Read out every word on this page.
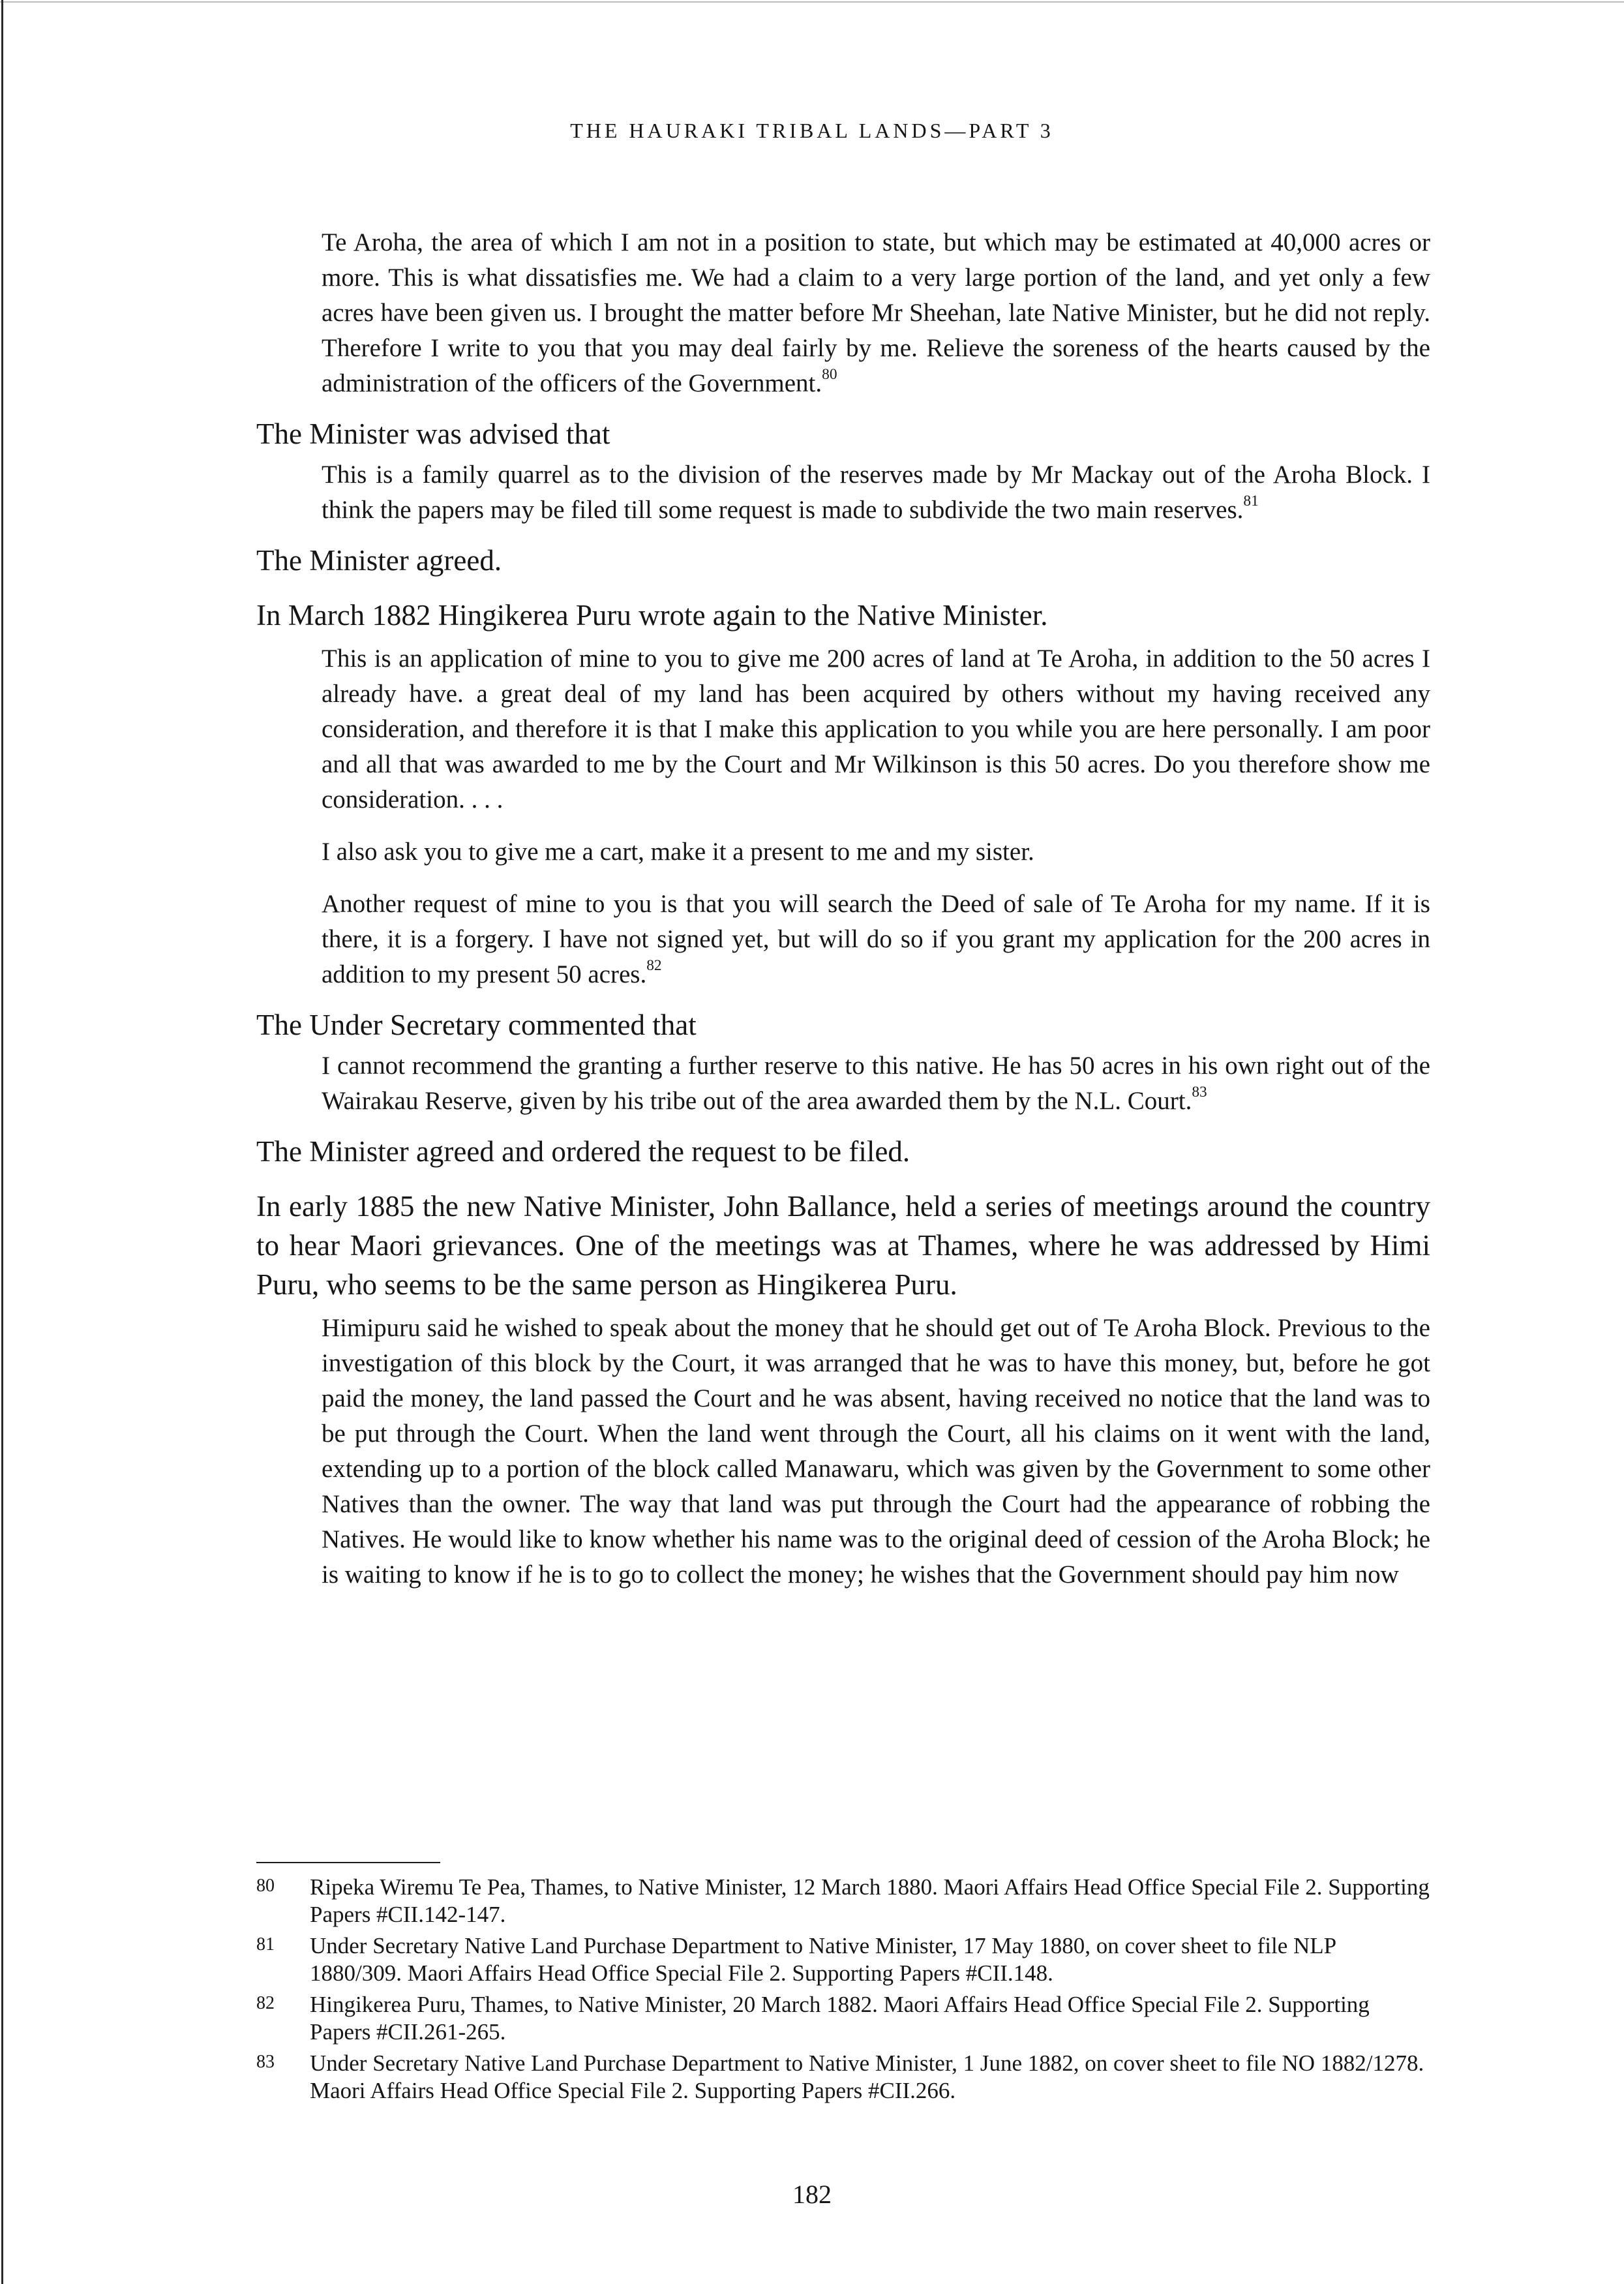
THE HAURAKI TRIBAL LANDS—PART 3

Te Aroha, the area of which I am not in a position to state, but which may be estimated at 40,000 acres or more. This is what dissatisfies me. We had a claim to a very large portion of the land, and yet only a few acres have been given us. I brought the matter before Mr Sheehan, late Native Minister, but he did not reply. Therefore I write to you that you may deal fairly by me. Relieve the soreness of the hearts caused by the administration of the officers of the Government.$^{80}$

The Minister was advised that

This is a family quarrel as to the division of the reserves made by Mr Mackay out of the Aroha Block. I think the papers may be filed till some request is made to subdivide the two main reserves.$^{81}$

The Minister agreed.

In March 1882 Hingikerea Puru wrote again to the Native Minister.

This is an application of mine to you to give me 200 acres of land at Te Aroha, in addition to the 50 acres I already have. a great deal of my land has been acquired by others without my having received any consideration, and therefore it is that I make this application to you while you are here personally. I am poor and all that was awarded to me by the Court and Mr Wilkinson is this 50 acres. Do you therefore show me consideration. . . .

I also ask you to give me a cart, make it a present to me and my sister.

Another request of mine to you is that you will search the Deed of sale of Te Aroha for my name. If it is there, it is a forgery. I have not signed yet, but will do so if you grant my application for the 200 acres in addition to my present 50 acres.$^{82}$

The Under Secretary commented that

I cannot recommend the granting a further reserve to this native. He has 50 acres in his own right out of the Wairakau Reserve, given by his tribe out of the area awarded them by the N.L. Court.$^{83}$

The Minister agreed and ordered the request to be filed.

In early 1885 the new Native Minister, John Ballance, held a series of meetings around the country to hear Maori grievances. One of the meetings was at Thames, where he was addressed by Himi Puru, who seems to be the same person as Hingikerea Puru.

Himipuru said he wished to speak about the money that he should get out of Te Aroha Block. Previous to the investigation of this block by the Court, it was arranged that he was to have this money, but, before he got paid the money, the land passed the Court and he was absent, having received no notice that the land was to be put through the Court. When the land went through the Court, all his claims on it went with the land, extending up to a portion of the block called Manawaru, which was given by the Government to some other Natives than the owner. The way that land was put through the Court had the appearance of robbing the Natives. He would like to know whether his name was to the original deed of cession of the Aroha Block; he is waiting to know if he is to go to collect the money; he wishes that the Government should pay him now

80	Ripeka Wiremu Te Pea, Thames, to Native Minister, 12 March 1880. Maori Affairs Head Office Special File 2. Supporting Papers #CII.142-147.
81	Under Secretary Native Land Purchase Department to Native Minister, 17 May 1880, on cover sheet to file NLP 1880/309. Maori Affairs Head Office Special File 2. Supporting Papers #CII.148.
82	Hingikerea Puru, Thames, to Native Minister, 20 March 1882. Maori Affairs Head Office Special File 2. Supporting Papers #CII.261-265.
83	Under Secretary Native Land Purchase Department to Native Minister, 1 June 1882, on cover sheet to file NO 1882/1278. Maori Affairs Head Office Special File 2. Supporting Papers #CII.266.
182
